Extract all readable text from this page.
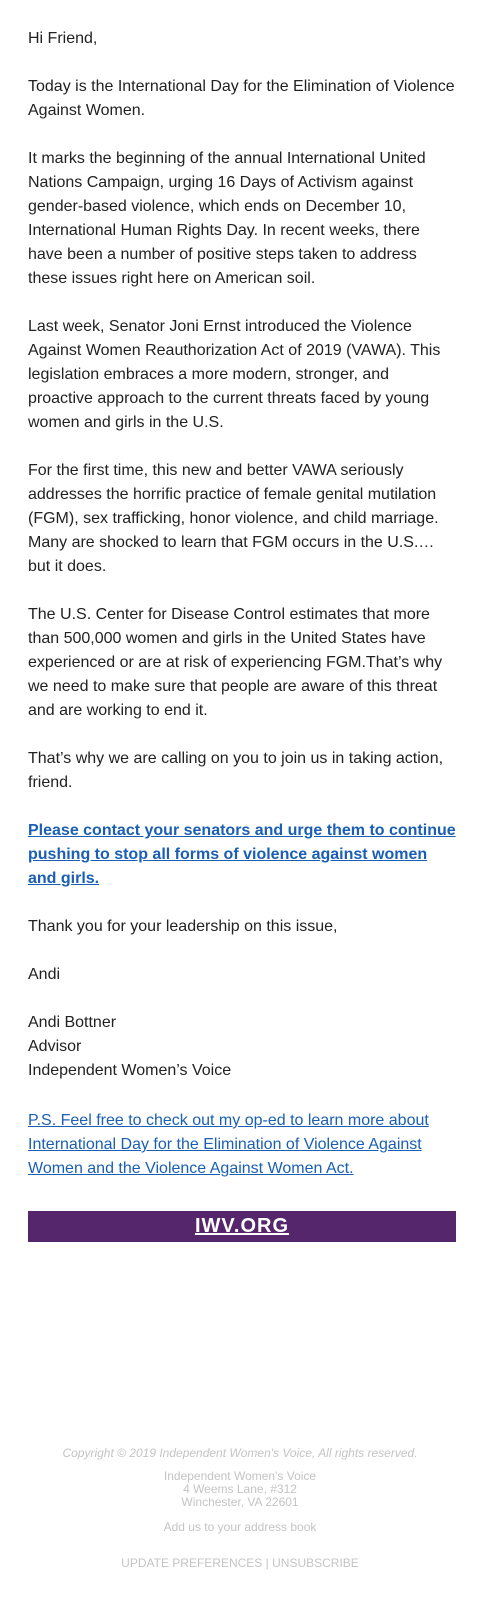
Hi Friend,

Today is the International Day for the Elimination of Violence Against Women.

It marks the beginning of the annual International United Nations Campaign, urging 16 Days of Activism against gender-based violence, which ends on December 10, International Human Rights Day. In recent weeks, there have been a number of positive steps taken to address these issues right here on American soil.

Last week, Senator Joni Ernst introduced the Violence Against Women Reauthorization Act of 2019 (VAWA). This legislation embraces a more modern, stronger, and proactive approach to the current threats faced by young women and girls in the U.S.

For the first time, this new and better VAWA seriously addresses the horrific practice of female genital mutilation (FGM), sex trafficking, honor violence, and child marriage. Many are shocked to learn that FGM occurs in the U.S.… but it does.

The U.S. Center for Disease Control estimates that more than 500,000 women and girls in the United States have experienced or are at risk of experiencing FGM.That’s why we need to make sure that people are aware of this threat and are working to end it.

That’s why we are calling on you to join us in taking action, friend.

Please contact your senators and urge them to continue pushing to stop all forms of violence against women and girls.

Thank you for your leadership on this issue,

Andi

Andi Bottner

Advisor

Independent Women’s Voice

P.S. Feel free to check out my op-ed to learn more about International Day for the Elimination of Violence Against Women and the Violence Against Women Act.

IWV.ORG

Copyright © 2019 Independent Women's Voice, All rights reserved.

Independent Women's Voice

4 Weems Lane, #312

Winchester, VA 22601

Add us to your address book

UPDATE PREFERENCES | UNSUBSCRIBE
